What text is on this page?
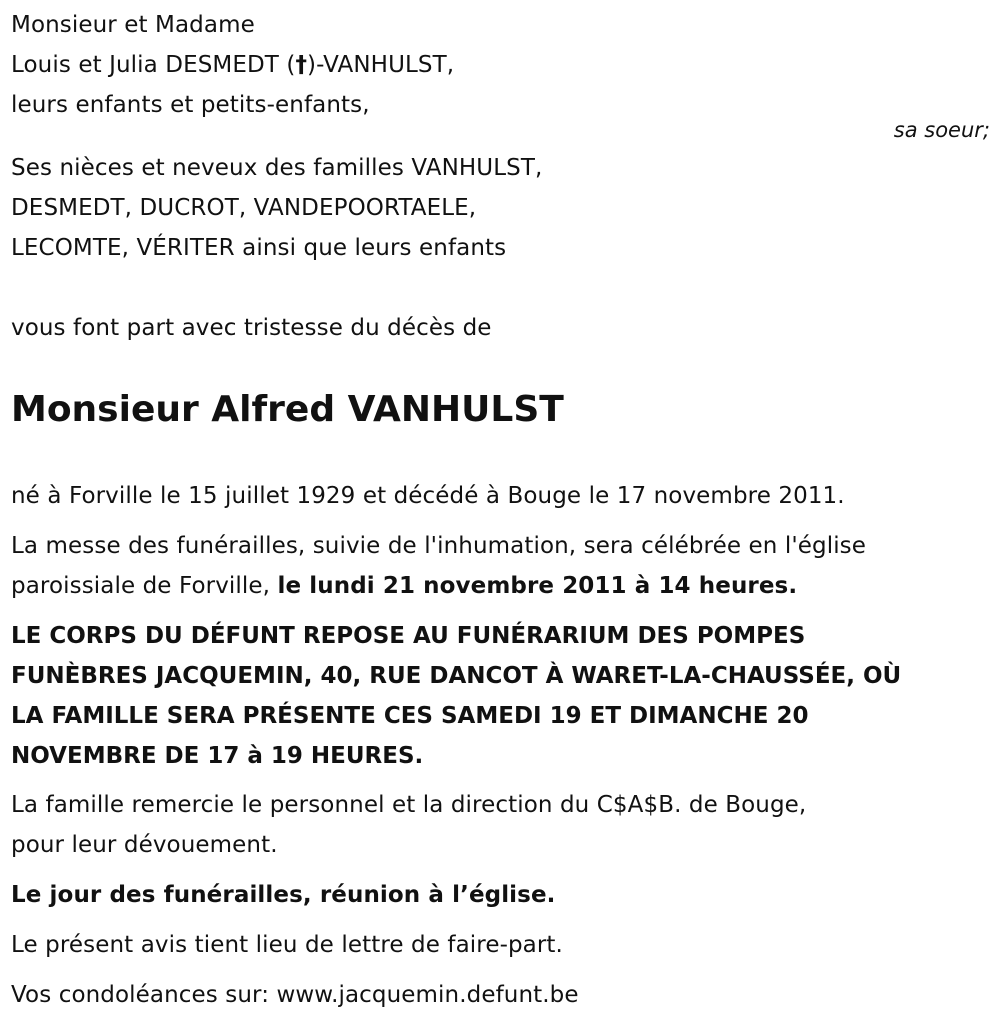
Monsieur et Madame
Louis et Julia DESMEDT (†)-VANHULST,
leurs enfants et petits-enfants,
sa soeur;
Ses nièces et neveux des familles VANHULST,
DESMEDT, DUCROT, VANDEPOORTAELE,
LECOMTE, VÉRITER ainsi que leurs enfants
vous font part avec tristesse du décès de
Monsieur Alfred VANHULST
né à Forville le 15 juillet 1929 et décédé à Bouge le 17 novembre 2011.
La messe des funérailles, suivie de l'inhumation, sera célébrée en l'église
paroissiale de Forville, le lundi 21 novembre 2011 à 14 heures.
LE CORPS DU DÉFUNT REPOSE AU FUNÉRARIUM DES POMPES
FUNÈBRES JACQUEMIN, 40, RUE DANCOT À WARET-LA-CHAUSSÉE, OÙ
LA FAMILLE SERA PRÉSENTE CES SAMEDI 19 ET DIMANCHE 20
NOVEMBRE DE 17 à 19 HEURES.
La famille remercie le personnel et la direction du C$A$B. de Bouge,
pour leur dévouement.
Le jour des funérailles, réunion à l’église.
Le présent avis tient lieu de lettre de faire-part.
Vos condoléances sur: www.jacquemin.defunt.be
